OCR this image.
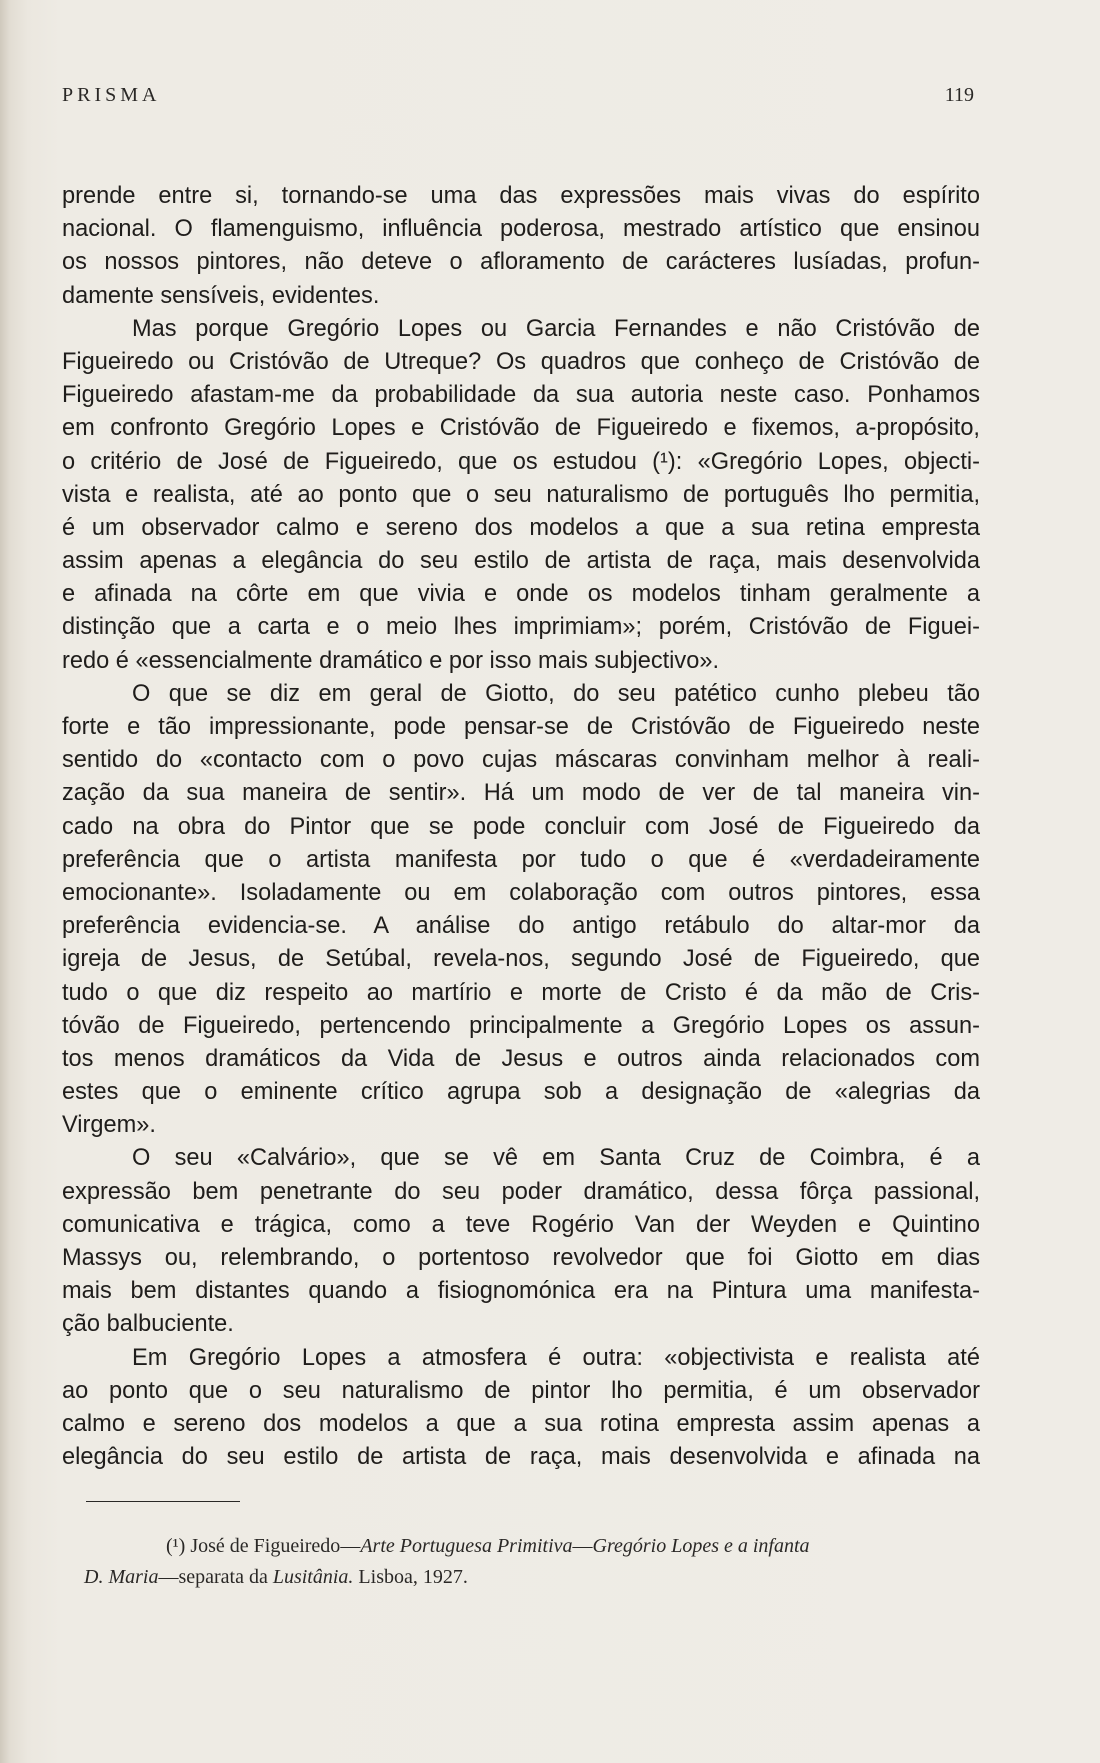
PRISMA	119
prende entre si, tornando-se uma das expressões mais vivas do espírito
nacional. O flamenguismo, influência poderosa, mestrado artístico que ensinou
os nossos pintores, não deteve o afloramento de carácteres lusíadas, profun-
damente sensíveis, evidentes.
Mas porque Gregório Lopes ou Garcia Fernandes e não Cristóvão de
Figueiredo ou Cristóvão de Utreque? Os quadros que conheço de Cristóvão de
Figueiredo afastam-me da probabilidade da sua autoria neste caso. Ponhamos
em confronto Gregório Lopes e Cristóvão de Figueiredo e fixemos, a-propósito,
o critério de José de Figueiredo, que os estudou (¹): «Gregório Lopes, objecti-
vista e realista, até ao ponto que o seu naturalismo de português lho permitia,
é um observador calmo e sereno dos modelos a que a sua retina empresta
assim apenas a elegância do seu estilo de artista de raça, mais desenvolvida
e afinada na côrte em que vivia e onde os modelos tinham geralmente a
distinção que a carta e o meio lhes imprimiam»; porém, Cristóvão de Figuei-
redo é «essencialmente dramático e por isso mais subjectivo».
O que se diz em geral de Giotto, do seu patético cunho plebeu tão
forte e tão impressionante, pode pensar-se de Cristóvão de Figueiredo neste
sentido do «contacto com o povo cujas máscaras convinham melhor à reali-
zação da sua maneira de sentir». Há um modo de ver de tal maneira vin-
cado na obra do Pintor que se pode concluir com José de Figueiredo da
preferência que o artista manifesta por tudo o que é «verdadeiramente
emocionante». Isoladamente ou em colaboração com outros pintores, essa
preferência evidencia-se. A análise do antigo retábulo do altar-mor da
igreja de Jesus, de Setúbal, revela-nos, segundo José de Figueiredo, que
tudo o que diz respeito ao martírio e morte de Cristo é da mão de Cris-
tóvão de Figueiredo, pertencendo principalmente a Gregório Lopes os assun-
tos menos dramáticos da Vida de Jesus e outros ainda relacionados com
estes que o eminente crítico agrupa sob a designação de «alegrias da
Virgem».
O seu «Calvário», que se vê em Santa Cruz de Coimbra, é a
expressão bem penetrante do seu poder dramático, dessa fôrça passional,
comunicativa e trágica, como a teve Rogério Van der Weyden e Quintino
Massys ou, relembrando, o portentoso revolvedor que foi Giotto em dias
mais bem distantes quando a fisiognomónica era na Pintura uma manifesta-
ção balbuciente.
Em Gregório Lopes a atmosfera é outra: «objectivista e realista até
ao ponto que o seu naturalismo de pintor lho permitia, é um observador
calmo e sereno dos modelos a que a sua rotina empresta assim apenas a
elegância do seu estilo de artista de raça, mais desenvolvida e afinada na
(¹) José de Figueiredo—Arte Portuguesa Primitiva—Gregório Lopes e a infanta
D. Maria—separata da Lusitânia. Lisboa, 1927.
